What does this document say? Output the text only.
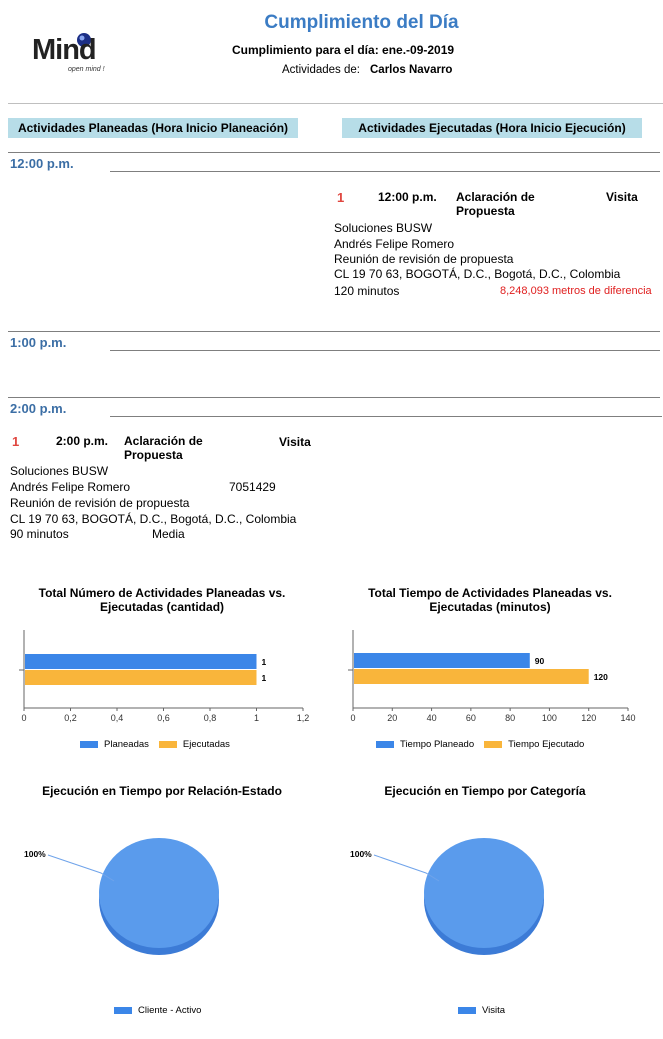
Mind
open mind !
Cumplimiento del Día
Cumplimiento para el día: ene.-09-2019
Actividades de: Carlos Navarro
Actividades Planeadas (Hora Inicio Planeación)	Actividades Ejecutadas (Hora Inicio Ejecución)
12:00 p.m.
1	12:00 p.m. Aclaración de
Propuesta
Visita
Soluciones BUSW
Andrés Felipe Romero
Reunión de revisión de propuesta
CL 19 70 63, BOGOTÁ, D.C., Bogotá, D.C., Colombia
120 minutos	8,248,093 metros de diferencia
1:00 p.m.
2:00 p.m.
1	2:00 p.m. Aclaración de
Propuesta
Visita
Soluciones BUSW
Andrés Felipe Romero	7051429
Reunión de revisión de propuesta
CL 19 70 63, BOGOTÁ, D.C., Bogotá, D.C., Colombia
90 minutos	Media
Total Número de Actividades Planeadas vs.
Ejecutadas (cantidad)
0	0,2	0,4	0,6	0,8	1	1,2
1
1
Planeadas	Ejecutadas
Total Tiempo de Actividades Planeadas vs.
Ejecutadas (minutos)
0	20	40	60	80	100	120	140
90
120
Tiempo Planeado	Tiempo Ejecutado
Ejecución en Tiempo por Relación-Estado
100%
Cliente - Activo
Ejecución en Tiempo por Categoría
100%
Visita
